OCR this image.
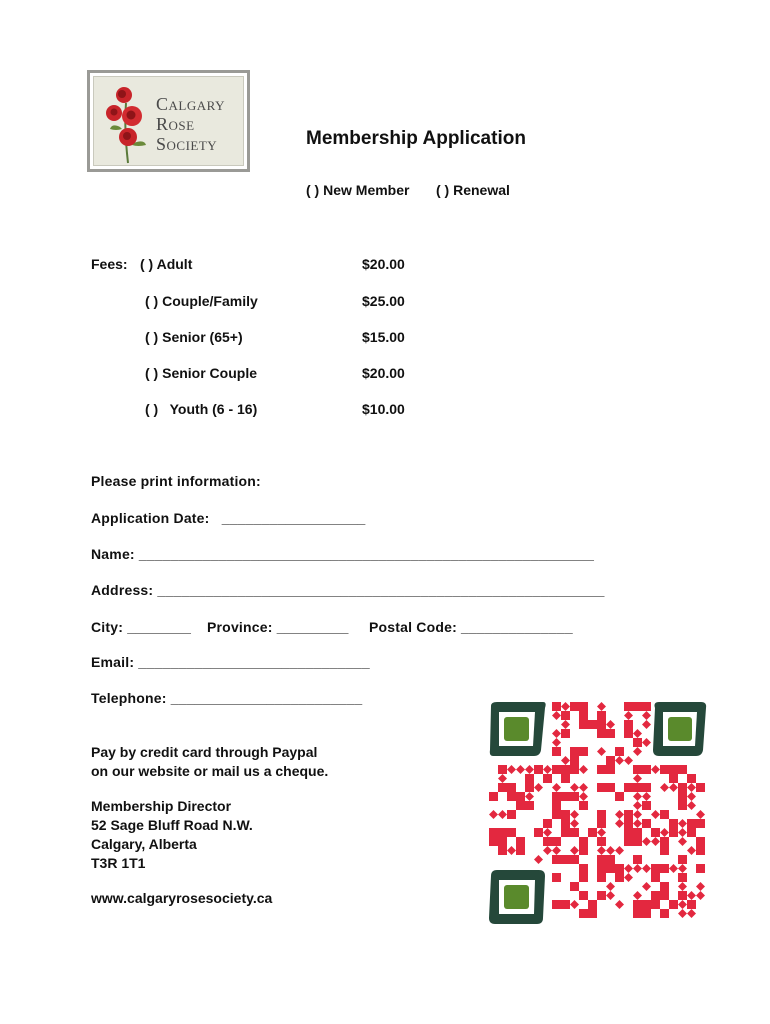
Calgary
Rose
Society	Membership Application
( ) New Member ( ) Renewal
Fees: ( ) Adult	$20.00
( ) Couple/Family	$25.00
( ) Senior (65+)	$15.00
( ) Senior Couple	$20.00
( )   Youth (6 - 16)	$10.00
Please print information:
Application Date:   __________________
Name: _________________________________________________________
Address: ________________________________________________________
City: ________ Province: _________ Postal Code: ______________
Email: _____________________________
Telephone: ________________________
Pay by credit card through Paypal
on our website or mail us a cheque.
Membership Director
52 Sage Bluff Road N.W.
Calgary, Alberta
T3R 1T1
www.calgaryrosesociety.ca
